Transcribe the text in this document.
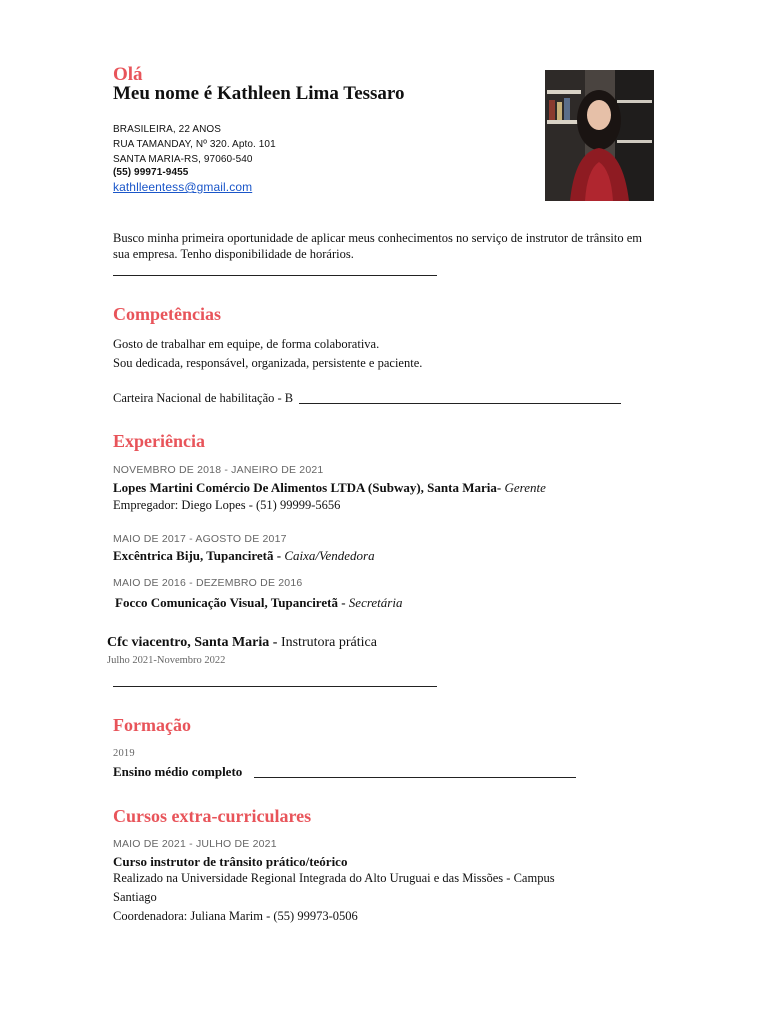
Olá
Meu nome é Kathleen Lima Tessaro
BRASILEIRA, 22 ANOS
RUA TAMANDAY, Nº 320. Apto. 101
SANTA MARIA-RS, 97060-540
(55) 99971-9455
kathlleentess@gmail.com
Busco minha primeira oportunidade de aplicar meus conhecimentos no serviço de instrutor de trânsito em
sua empresa. Tenho disponibilidade de horários.
Competências
Gosto de trabalhar em equipe, de forma colaborativa.
Sou dedicada, responsável, organizada, persistente e paciente.
Carteira Nacional de habilitação - B
Experiência
NOVEMBRO DE 2018 - JANEIRO DE 2021
Lopes Martini Comércio De Alimentos LTDA (Subway), Santa Maria- Gerente
Empregador: Diego Lopes - (51) 99999-5656
MAIO DE 2017 - AGOSTO DE 2017
Excêntrica Biju, Tupanciretã - Caixa/Vendedora
MAIO DE 2016 - DEZEMBRO DE 2016
Focco Comunicação Visual, Tupanciretã - Secretária
Cfc viacentro, Santa Maria - Instrutora prática
Julho 2021-Novembro 2022
Formação
2019
Ensino médio completo
Cursos extra-curriculares
MAIO DE 2021 - JULHO DE 2021
Curso instrutor de trânsito prático/teórico
Realizado na Universidade Regional Integrada do Alto Uruguai e das Missões - Campus
Santiago
Coordenadora: Juliana Marim - (55) 99973-0506
